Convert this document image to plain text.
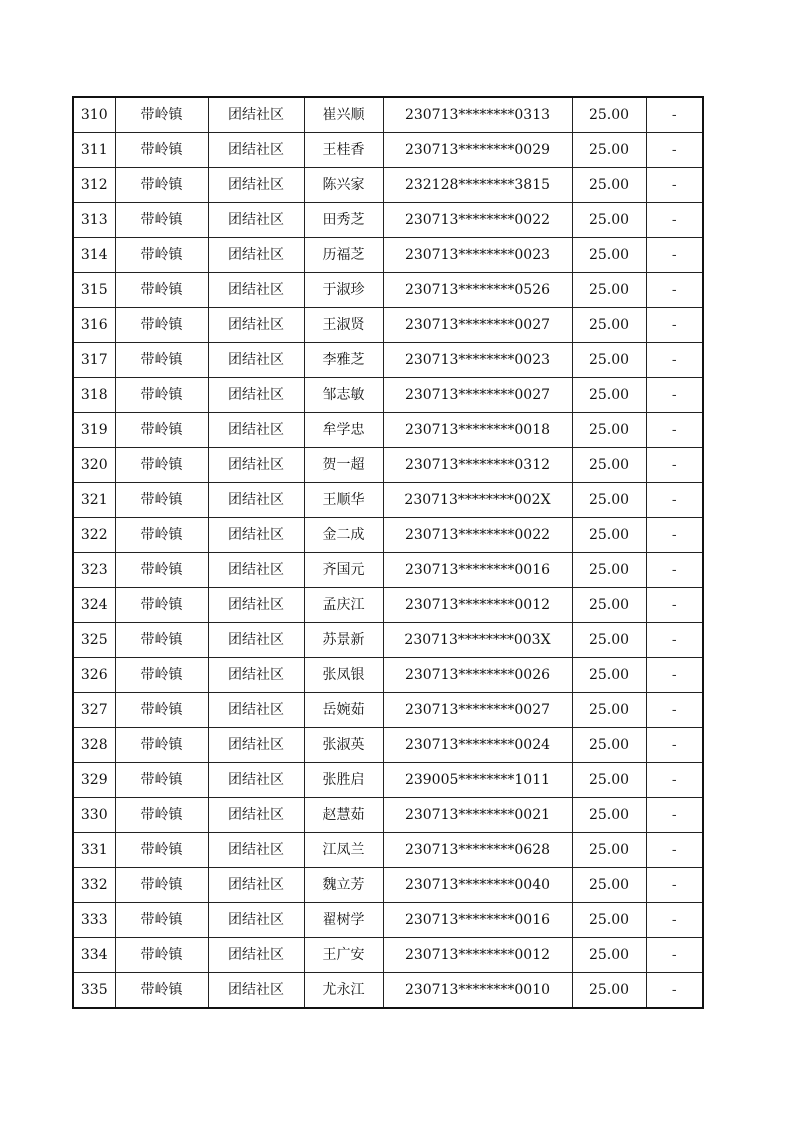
310	带岭镇	团结社区	崔兴顺	230713********0313	25.00	-
311	带岭镇	团结社区	王桂香	230713********0029	25.00	-
312	带岭镇	团结社区	陈兴家	232128********3815	25.00	-
313	带岭镇	团结社区	田秀芝	230713********0022	25.00	-
314	带岭镇	团结社区	历福芝	230713********0023	25.00	-
315	带岭镇	团结社区	于淑珍	230713********0526	25.00	-
316	带岭镇	团结社区	王淑贤	230713********0027	25.00	-
317	带岭镇	团结社区	李雅芝	230713********0023	25.00	-
318	带岭镇	团结社区	邹志敏	230713********0027	25.00	-
319	带岭镇	团结社区	牟学忠	230713********0018	25.00	-
320	带岭镇	团结社区	贺一超	230713********0312	25.00	-
321	带岭镇	团结社区	王顺华	230713********002X	25.00	-
322	带岭镇	团结社区	金二成	230713********0022	25.00	-
323	带岭镇	团结社区	齐国元	230713********0016	25.00	-
324	带岭镇	团结社区	孟庆江	230713********0012	25.00	-
325	带岭镇	团结社区	苏景新	230713********003X	25.00	-
326	带岭镇	团结社区	张凤银	230713********0026	25.00	-
327	带岭镇	团结社区	岳婉茹	230713********0027	25.00	-
328	带岭镇	团结社区	张淑英	230713********0024	25.00	-
329	带岭镇	团结社区	张胜启	239005********1011	25.00	-
330	带岭镇	团结社区	赵慧茹	230713********0021	25.00	-
331	带岭镇	团结社区	江凤兰	230713********0628	25.00	-
332	带岭镇	团结社区	魏立芳	230713********0040	25.00	-
333	带岭镇	团结社区	翟树学	230713********0016	25.00	-
334	带岭镇	团结社区	王广安	230713********0012	25.00	-
335	带岭镇	团结社区	尤永江	230713********0010	25.00	-
